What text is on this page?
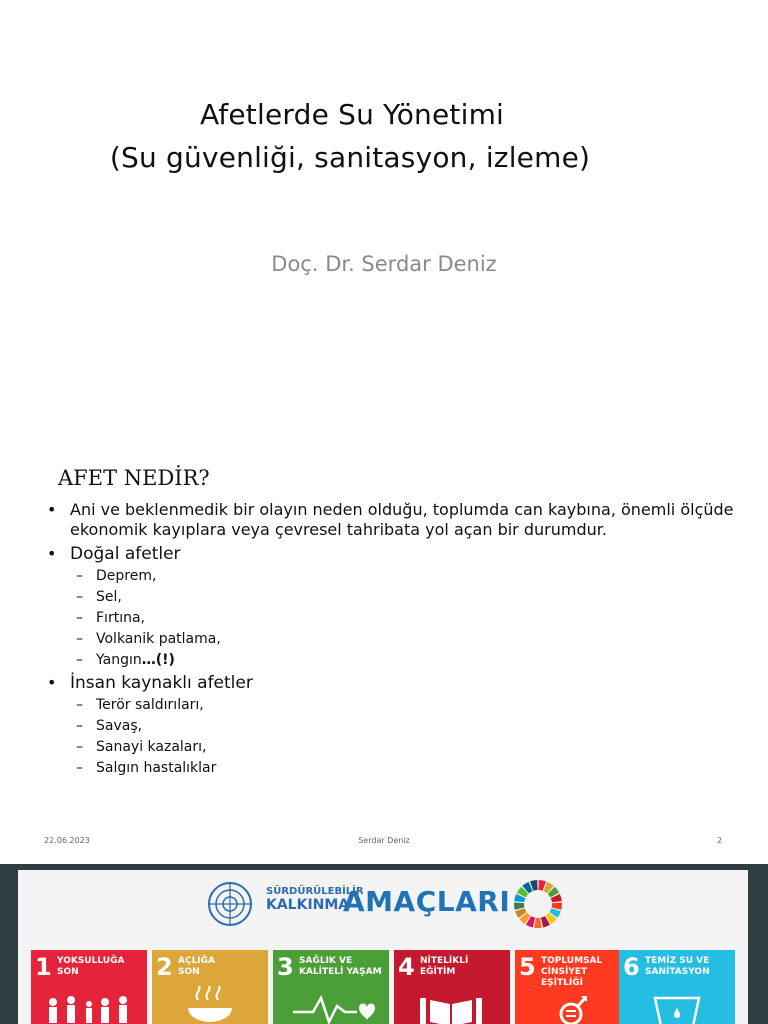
Afetlerde Su Yönetimi
(Su güvenliği, sanitasyon, izleme)
Doç. Dr. Serdar Deniz
AFET NEDİR?
• Ani ve beklenmedik bir olayın neden olduğu, toplumda can kaybına, önemli ölçüde ekonomik kayıplara veya çevresel tahribata yol açan bir durumdur.
• Doğal afetler
– Deprem,
– Sel,
– Fırtına,
– Volkanik patlama,
– Yangın…(!)
• İnsan kaynaklı afetler
– Terör saldırıları,
– Savaş,
– Sanayi kazaları,
– Salgın hastalıklar
22.06.2023	Serdar Deniz	2
SÜRDÜRÜLEBİLİR
KALKINMA
AMAÇLARI
1 YOKSULLUĞA SON	2 AÇLIĞA SON	3 SAĞLIK VE KALİTELİ YAŞAM 4 NİTELİKLİ EĞİTİM	5 TOPLUMSAL CİNSİYET EŞİTLİĞİ
6 TEMİZ SU VE SANİTASYON
